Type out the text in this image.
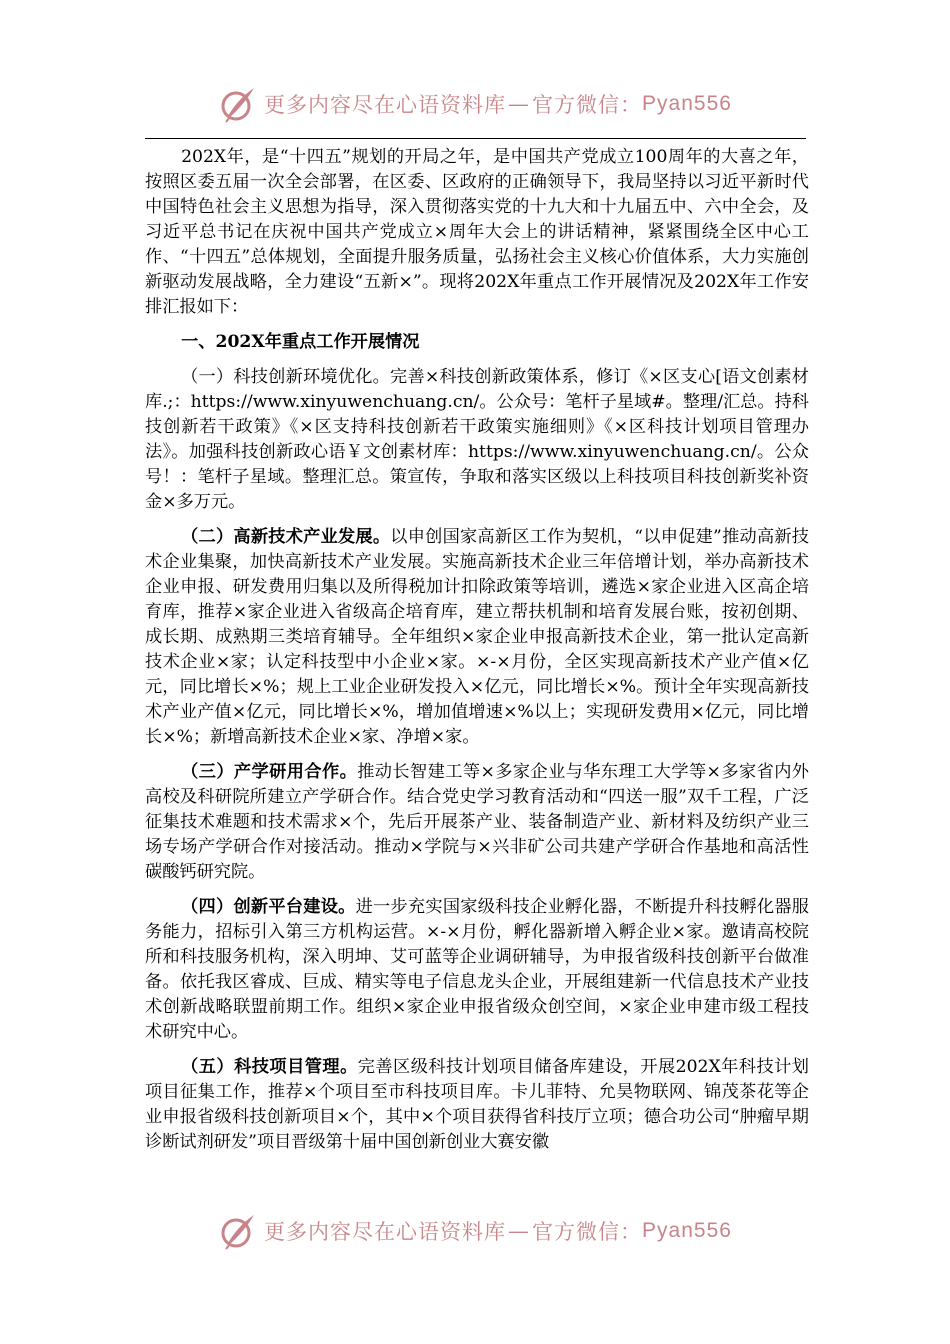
更多内容尽在心语资料库 — 官方微信： Pyan556

202X年，是“十四五”规划的开局之年，是中国共产党成立100周年的大喜之年，按照区委五届一次全会部署，在区委、区政府的正确领导下，我局坚持以习近平新时代中国特色社会主义思想为指导，深入贯彻落实党的十九大和十九届五中、六中全会，及习近平总书记在庆祝中国共产党成立×周年大会上的讲话精神，紧紧围绕全区中心工作、“十四五”总体规划，全面提升服务质量，弘扬社会主义核心价值体系，大力实施创新驱动发展战略，全力建设“五新×”。现将202X年重点工作开展情况及202X年工作安排汇报如下：

一、202X年重点工作开展情况

（一）科技创新环境优化。完善×科技创新政策体系，修订《×区支心[语文创素材库.;：https://www.xinyuwenchuang.cn/。公众号：笔杆子星域#。整理/汇总。持科技创新若干政策》《×区支持科技创新若干政策实施细则》《×区科技计划项目管理办法》。加强科技创新政心语￥文创素材库：https://www.xinyuwenchuang.cn/。公众号！：笔杆子星域。整理汇总。策宣传，争取和落实区级以上科技项目科技创新奖补资金×多万元。

（二）高新技术产业发展。以申创国家高新区工作为契机，“以申促建”推动高新技术企业集聚，加快高新技术产业发展。实施高新技术企业三年倍增计划，举办高新技术企业申报、研发费用归集以及所得税加计扣除政策等培训，遴选×家企业进入区高企培育库，推荐×家企业进入省级高企培育库，建立帮扶机制和培育发展台账，按初创期、成长期、成熟期三类培育辅导。全年组织×家企业申报高新技术企业，第一批认定高新技术企业×家；认定科技型中小企业×家。×-×月份，全区实现高新技术产业产值×亿元，同比增长×%；规上工业企业研发投入×亿元，同比增长×%。预计全年实现高新技术产业产值×亿元，同比增长×%，增加值增速×%以上；实现研发费用×亿元，同比增长×%；新增高新技术企业×家、净增×家。

（三）产学研用合作。推动长智建工等×多家企业与华东理工大学等×多家省内外高校及科研院所建立产学研合作。结合党史学习教育活动和“四送一服”双千工程，广泛征集技术难题和技术需求×个，先后开展茶产业、装备制造产业、新材料及纺织产业三场专场产学研合作对接活动。推动×学院与×兴非矿公司共建产学研合作基地和高活性碳酸钙研究院。

（四）创新平台建设。进一步充实国家级科技企业孵化器，不断提升科技孵化器服务能力，招标引入第三方机构运营。×-×月份，孵化器新增入孵企业×家。邀请高校院所和科技服务机构，深入明坤、艾可蓝等企业调研辅导，为申报省级科技创新平台做准备。依托我区睿成、巨成、精实等电子信息龙头企业，开展组建新一代信息技术产业技术创新战略联盟前期工作。组织×家企业申报省级众创空间，×家企业申建市级工程技术研究中心。

（五）科技项目管理。完善区级科技计划项目储备库建设，开展202X年科技计划项目征集工作，推荐×个项目至市科技项目库。卡儿菲特、允昊物联网、锦茂茶花等企业申报省级科技创新项目×个，其中×个项目获得省科技厅立项；德合功公司“肿瘤早期诊断试剂研发”项目晋级第十届中国创新创业大赛安徽

更多内容尽在心语资料库 — 官方微信： Pyan556
